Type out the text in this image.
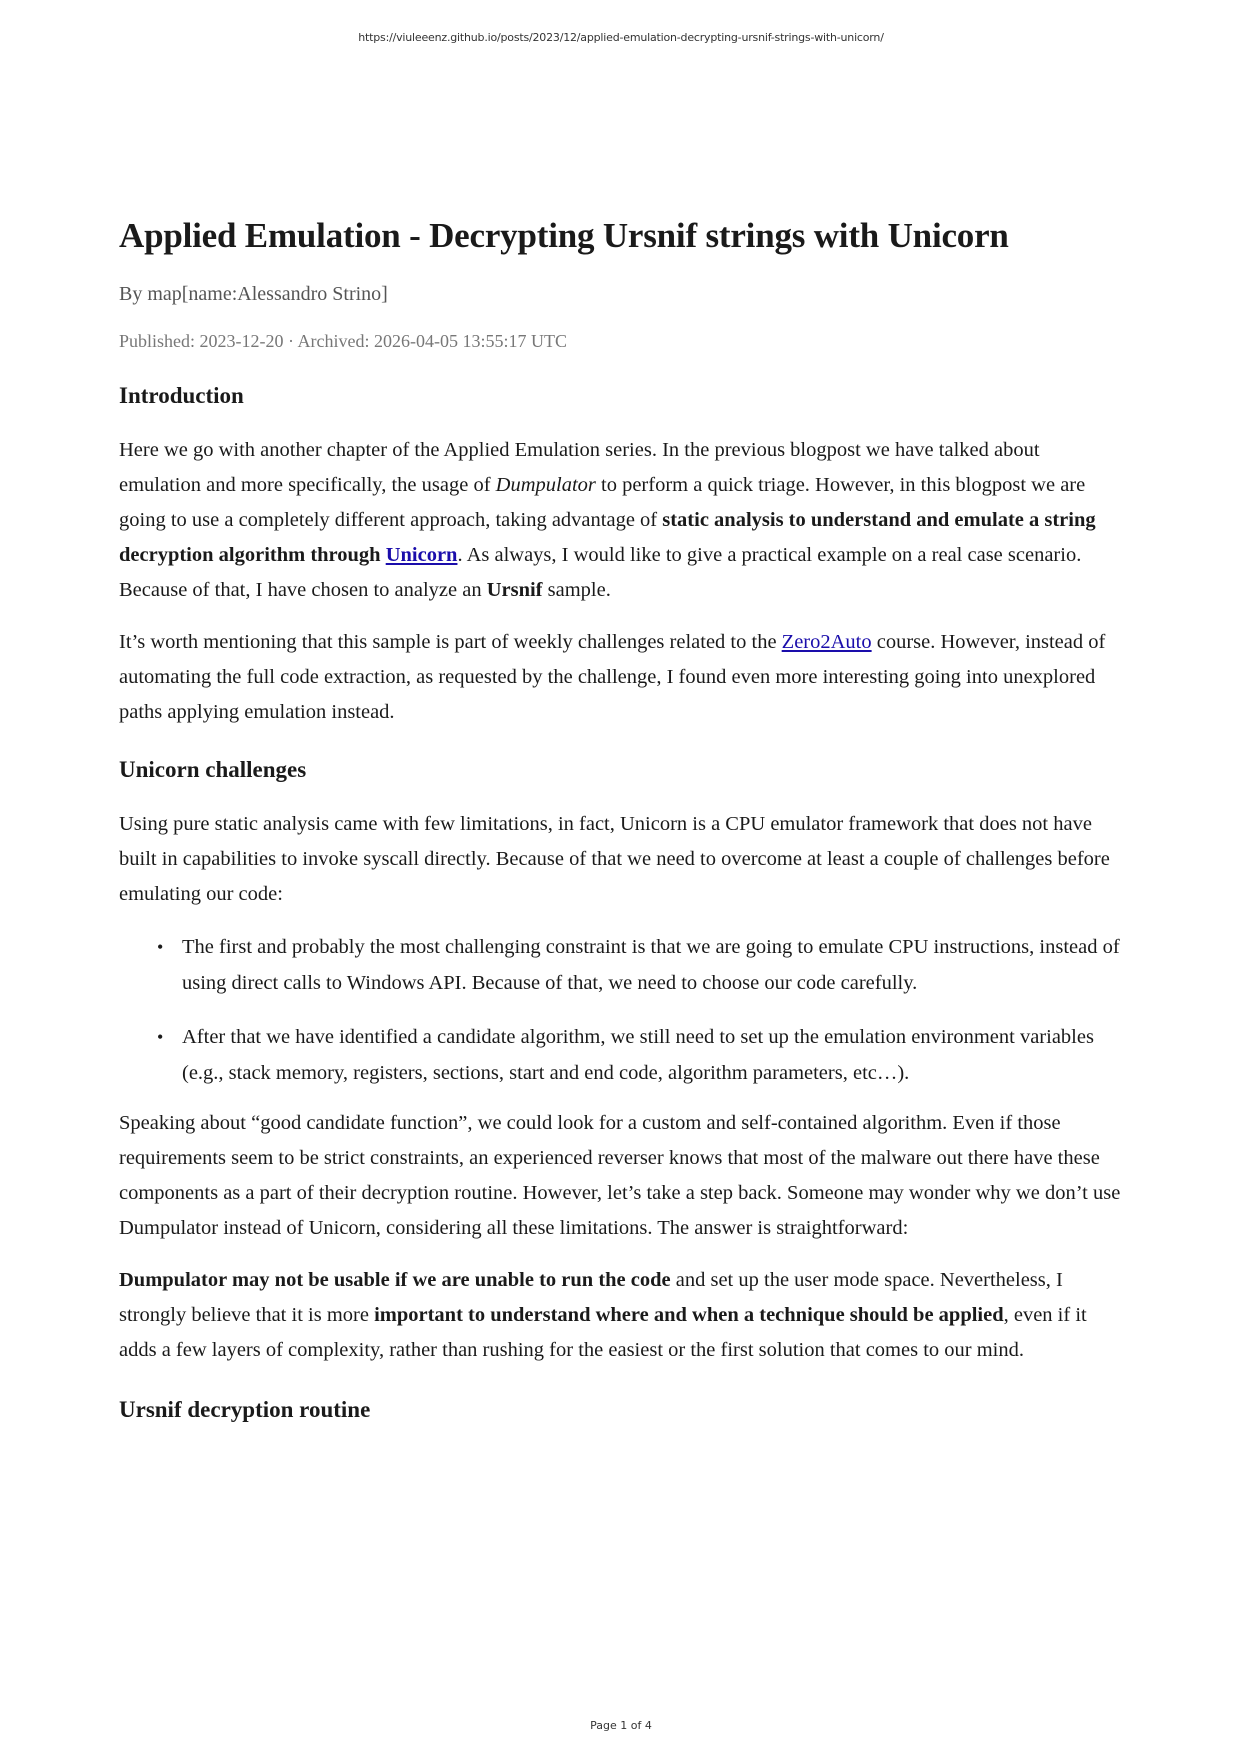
https://viuleeenz.github.io/posts/2023/12/applied-emulation-decrypting-ursnif-strings-with-unicorn/
Applied Emulation - Decrypting Ursnif strings with Unicorn
By map[name:Alessandro Strino]
Published: 2023-12-20 · Archived: 2026-04-05 13:55:17 UTC
Introduction

Here we go with another chapter of the Applied Emulation series. In the previous blogpost we have talked about emulation and more specifically, the usage of Dumpulator to perform a quick triage. However, in this blogpost we are going to use a completely different approach, taking advantage of static analysis to understand and emulate a string decryption algorithm through Unicorn. As always, I would like to give a practical example on a real case scenario. Because of that, I have chosen to analyze an Ursnif sample.

It’s worth mentioning that this sample is part of weekly challenges related to the Zero2Auto course. However, instead of automating the full code extraction, as requested by the challenge, I found even more interesting going into unexplored paths applying emulation instead.

Unicorn challenges

Using pure static analysis came with few limitations, in fact, Unicorn is a CPU emulator framework that does not have built in capabilities to invoke syscall directly. Because of that we need to overcome at least a couple of challenges before emulating our code:

• The first and probably the most challenging constraint is that we are going to emulate CPU instructions, instead of using direct calls to Windows API. Because of that, we need to choose our code carefully.
• After that we have identified a candidate algorithm, we still need to set up the emulation environment variables (e.g., stack memory, registers, sections, start and end code, algorithm parameters, etc…).

Speaking about “good candidate function”, we could look for a custom and self-contained algorithm. Even if those requirements seem to be strict constraints, an experienced reverser knows that most of the malware out there have these components as a part of their decryption routine. However, let’s take a step back. Someone may wonder why we don’t use Dumpulator instead of Unicorn, considering all these limitations. The answer is straightforward:

Dumpulator may not be usable if we are unable to run the code and set up the user mode space. Nevertheless, I strongly believe that it is more important to understand where and when a technique should be applied, even if it adds a few layers of complexity, rather than rushing for the easiest or the first solution that comes to our mind.

Ursnif decryption routine
Page 1 of 4
